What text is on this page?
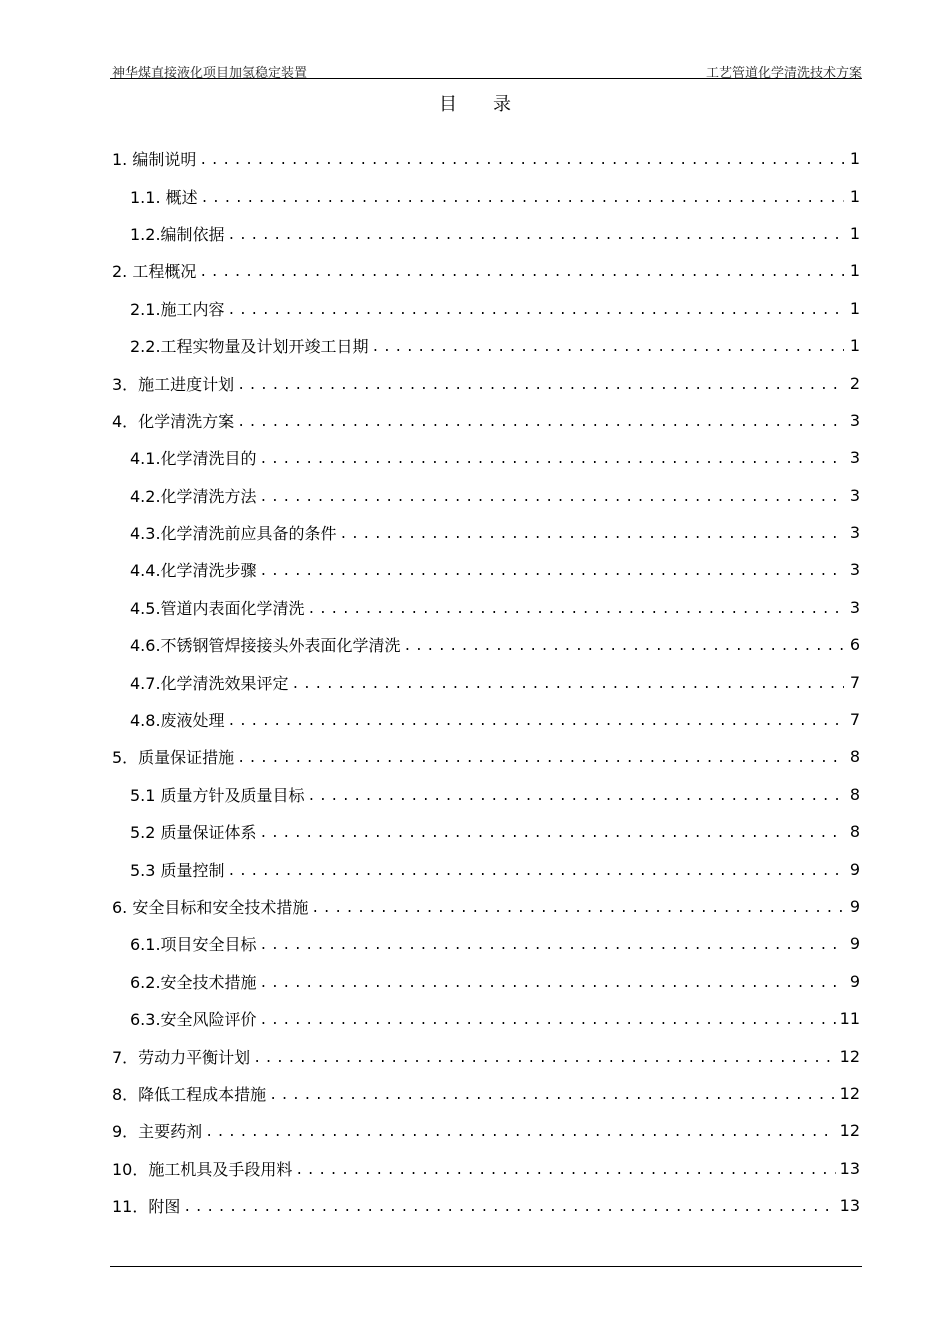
神华煤直接液化项目加氢稳定装置	工艺管道化学清洗技术方案
目 录
1. 编制说明 .....	1
1.1. 概述 .....	1
1.2.编制依据 .....	1
2. 工程概况 .....	1
2.1.施工内容 .....	1
2.2.工程实物量及计划开竣工日期 .....	1
3．施工进度计划 .....	2
4．化学清洗方案 .....	3
4.1.化学清洗目的 .....	3
4.2.化学清洗方法 .....	3
4.3.化学清洗前应具备的条件 .....	3
4.4.化学清洗步骤 .....	3
4.5.管道内表面化学清洗 .....	3
4.6.不锈钢管焊接接头外表面化学清洗 .....	6
4.7.化学清洗效果评定 .....	7
4.8.废液处理 .....	7
5．质量保证措施 .....	8
5.1 质量方针及质量目标 .....	8
5.2 质量保证体系 .....	8
5.3 质量控制 .....	9
6. 安全目标和安全技术措施 .....	9
6.1.项目安全目标 .....	9
6.2.安全技术措施 .....	9
6.3.安全风险评价 .....	11
7．劳动力平衡计划 .....	12
8．降低工程成本措施 .....	12
9．主要药剂 .....	12
10．施工机具及手段用料 .....	13
11．附图 .....	13
